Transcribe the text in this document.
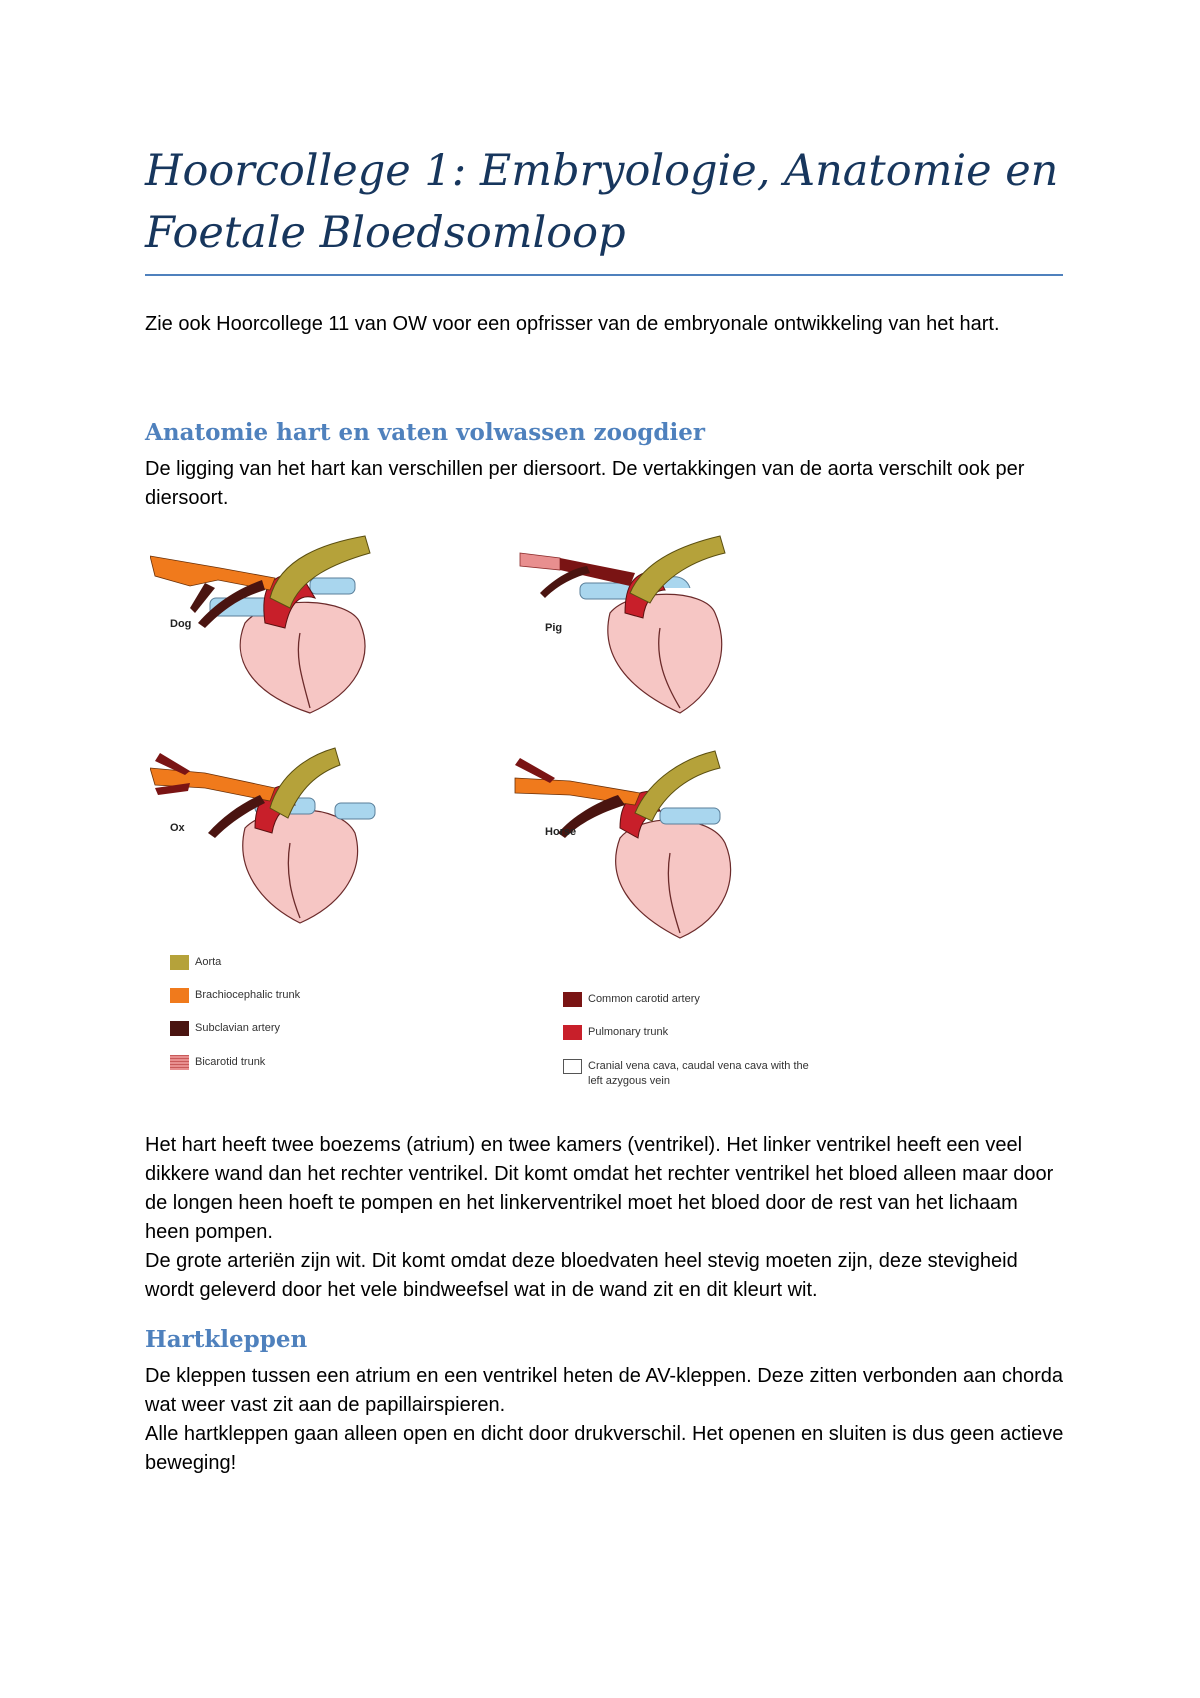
Hoorcollege 1: Embryologie, Anatomie en Foetale Bloedsomloop

Zie ook Hoorcollege 11 van OW voor een opfrisser van de embryonale ontwikkeling van het hart.

Anatomie hart en vaten volwassen zoogdier

De ligging van het hart kan verschillen per diersoort. De vertakkingen van de aorta verschilt ook per diersoort.

Dog	Pig
Ox	Horse
Aorta
Brachiocephalic trunk
Subclavian artery
Bicarotid trunk
Common carotid artery
Pulmonary trunk
Cranial vena cava, caudal vena cava with the left azygous vein

Het hart heeft twee boezems (atrium) en twee kamers (ventrikel). Het linker ventrikel heeft een veel dikkere wand dan het rechter ventrikel. Dit komt omdat het rechter ventrikel het bloed alleen maar door de longen heen hoeft te pompen en het linkerventrikel moet het bloed door de rest van het lichaam heen pompen.

De grote arteriën zijn wit. Dit komt omdat deze bloedvaten heel stevig moeten zijn, deze stevigheid wordt geleverd door het vele bindweefsel wat in de wand zit en dit kleurt wit.

Hartkleppen

De kleppen tussen een atrium en een ventrikel heten de AV-kleppen. Deze zitten verbonden aan chorda wat weer vast zit aan de papillairspieren.

Alle hartkleppen gaan alleen open en dicht door drukverschil. Het openen en sluiten is dus geen actieve beweging!
